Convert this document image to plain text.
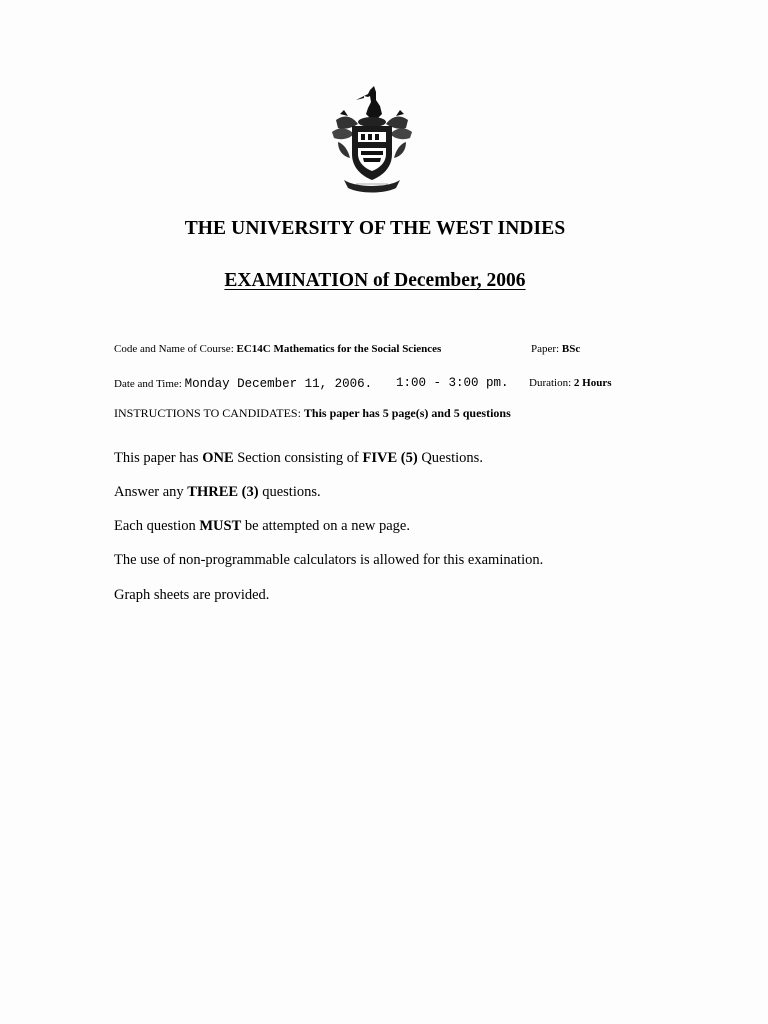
THE UNIVERSITY OF THE WEST INDIES
EXAMINATION of December, 2006
Code and Name of Course: EC14C Mathematics for the Social Sciences	Paper: BSc
Date and Time: Monday December 11, 2006. 1:00 - 3:00 pm. Duration: 2 Hours
INSTRUCTIONS TO CANDIDATES: This paper has 5 page(s) and 5 questions
This paper has ONE Section consisting of FIVE (5) Questions.
Answer any THREE (3) questions.
Each question MUST be attempted on a new page.
The use of non-programmable calculators is allowed for this examination.
Graph sheets are provided.
